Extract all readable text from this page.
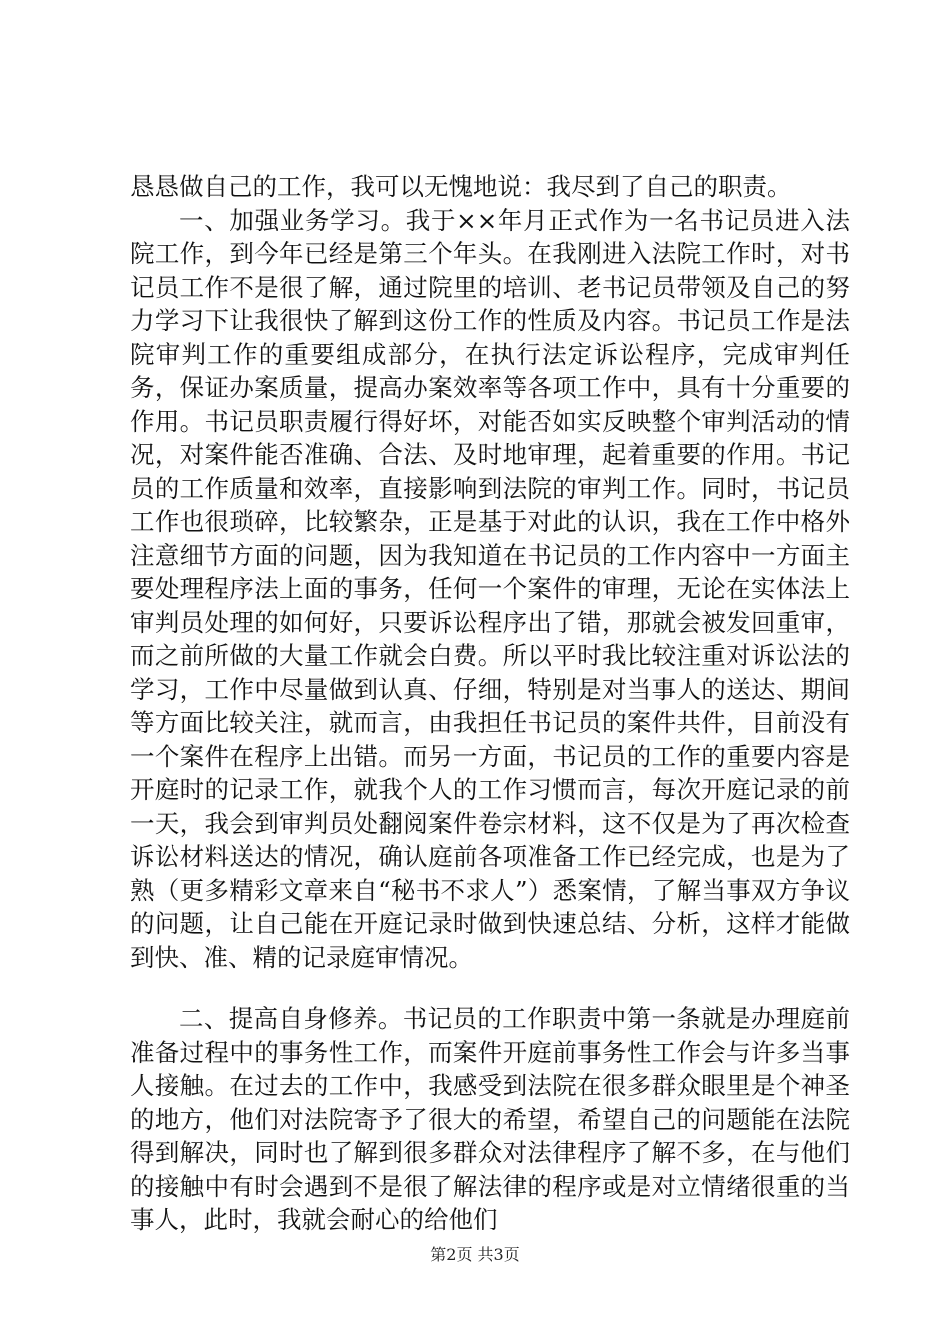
恳恳做自己的工作，我可以无愧地说：我尽到了自己的职责。

一、加强业务学习。我于××年月正式作为一名书记员进入法院工作，到今年已经是第三个年头。在我刚进入法院工作时，对书记员工作不是很了解，通过院里的培训、老书记员带领及自己的努力学习下让我很快了解到这份工作的性质及内容。书记员工作是法院审判工作的重要组成部分，在执行法定诉讼程序，完成审判任务，保证办案质量，提高办案效率等各项工作中，具有十分重要的作用。书记员职责履行得好坏，对能否如实反映整个审判活动的情况，对案件能否准确、合法、及时地审理，起着重要的作用。书记员的工作质量和效率，直接影响到法院的审判工作。同时，书记员工作也很琐碎，比较繁杂，正是基于对此的认识，我在工作中格外注意细节方面的问题，因为我知道在书记员的工作内容中一方面主要处理程序法上面的事务，任何一个案件的审理，无论在实体法上审判员处理的如何好，只要诉讼程序出了错，那就会被发回重审，而之前所做的大量工作就会白费。所以平时我比较注重对诉讼法的学习，工作中尽量做到认真、仔细，特别是对当事人的送达、期间等方面比较关注，就而言，由我担任书记员的案件共件，目前没有一个案件在程序上出错。而另一方面，书记员的工作的重要内容是开庭时的记录工作，就我个人的工作习惯而言，每次开庭记录的前一天，我会到审判员处翻阅案件卷宗材料，这不仅是为了再次检查诉讼材料送达的情况，确认庭前各项准备工作已经完成，也是为了熟（更多精彩文章来自“秘书不求人”）悉案情，了解当事双方争议的问题，让自己能在开庭记录时做到快速总结、分析，这样才能做到快、准、精的记录庭审情况。

二、提高自身修养。书记员的工作职责中第一条就是办理庭前准备过程中的事务性工作，而案件开庭前事务性工作会与许多当事人接触。在过去的工作中，我感受到法院在很多群众眼里是个神圣的地方，他们对法院寄予了很大的希望，希望自己的问题能在法院得到解决，同时也了解到很多群众对法律程序了解不多，在与他们的接触中有时会遇到不是很了解法律的程序或是对立情绪很重的当事人，此时，我就会耐心的给他们

第2页 共3页
